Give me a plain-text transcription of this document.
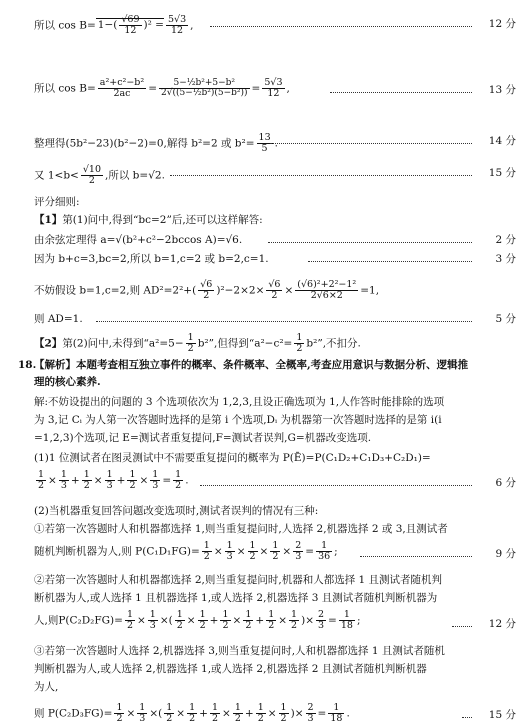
所以 $\cos B= 1-( \frac{√69}{12} )^2 = \frac{5√3}{12}$ ,	12 分
所以 $\cos B= \frac{\text{a²+c²−b²}}{2ac} = \frac{\text{5−½b²+5−b²}}{\text{2√((5−½b²)(5−b²))}} = \frac{5√3}{12}$ ,	13 分
整理得(5b²−23)(b²−2)=0,解得 b²=2 或 $b^2= \frac{13}{5}$ .	14 分
又 $1<b< \frac{√10}{2}$ ,所以 b=√2.	15 分
评分细则:
【1】第(1)问中,得到“bc=2”后,还可以这样解答:
由余弦定理得 a=√(b²+c²−2bccos A)=√6.	2 分
因为 b+c=3,bc=2,所以 b=1,c=2 或 b=2,c=1.	3 分
不妨假设 b=1,c=2,则 $AD^2=2^2+( \frac{√6}{2} )^2-2\times 2\times \frac{√6}{2} \times \frac{\text{(√6)²+2²−1²}}{2√6\times 2} =1$,
则 AD=1.	5 分
【2】第(2)问中,未得到“$a^2=5- \frac{1}{2} b^2$”,但得到“$a^2-c^2= \frac{1}{2} b^2$”,不扣分.
18.
【解析】本题考查相互独立事件的概率、条件概率、全概率,考查应用意识与数据分析、逻辑推
理的核心素养.
解:不妨设提出的问题的 3 个选项依次为 1,2,3,且设正确选项为 1,人作答时能排除的选项
为 3,记 Cᵢ 为人第一次答题时选择的是第 i 个选项,Dᵢ 为机器第一次答题时选择的是第 i(i
=1,2,3)个选项,记 E=测试者重复提问,F=测试者误判,G=机器改变选项.
(1)1 位测试者在图灵测试中不需要重复提问的概率为 P(Ē)=P(C₁D₂+C₁D₃+C₂D₁)=
$\frac{1}{2} \times \frac{1}{3} + \frac{1}{2} \times \frac{1}{3} + \frac{1}{2} \times \frac{1}{3} = \frac{1}{2}$ .	6 分
(2)当机器重复回答问题改变选项时,测试者误判的情况有三种:
①若第一次答题时人和机器都选择 1,则当重复提问时,人选择 2,机器选择 2 或 3,且测试者
随机判断机器为人,则 $P(C_1D_1FG)= \frac{1}{2} \times \frac{1}{3} \times \frac{1}{2} \times \frac{1}{2} \times \frac{2}{3} = \frac{1}{36}$ ;	9 分
②若第一次答题时人和机器都选择 2,则当重复提问时,机器和人都选择 1 且测试者随机判
断机器为人,或人选择 1 且机器选择 1,或人选择 2,机器选择 3 且测试者随机判断机器为
人,则$P(C_2D_2FG)= \frac{1}{2} \times \frac{1}{3}$ ×( $\frac{1}{2} \times \frac{1}{2} + \frac{1}{2} \times \frac{1}{2} + \frac{1}{2} \times \frac{1}{2}$ )× $\frac{2}{3} = \frac{1}{18}$ ;	12 分
③若第一次答题时人选择 2,机器选择 3,则当重复提问时,人和机器都选择 1 且测试者随机
判断机器为人,或人选择 2,机器选择 1,或人选择 2,机器选择 2 且测试者随机判断机器
为人,
则 $P(C_2D_3FG)= \frac{1}{2} \times \frac{1}{3}$ ×( $\frac{1}{2} \times \frac{1}{2} + \frac{1}{2} \times \frac{1}{2} + \frac{1}{2} \times \frac{1}{2}$ )× $\frac{2}{3} = \frac{1}{18}$ .	15 分
